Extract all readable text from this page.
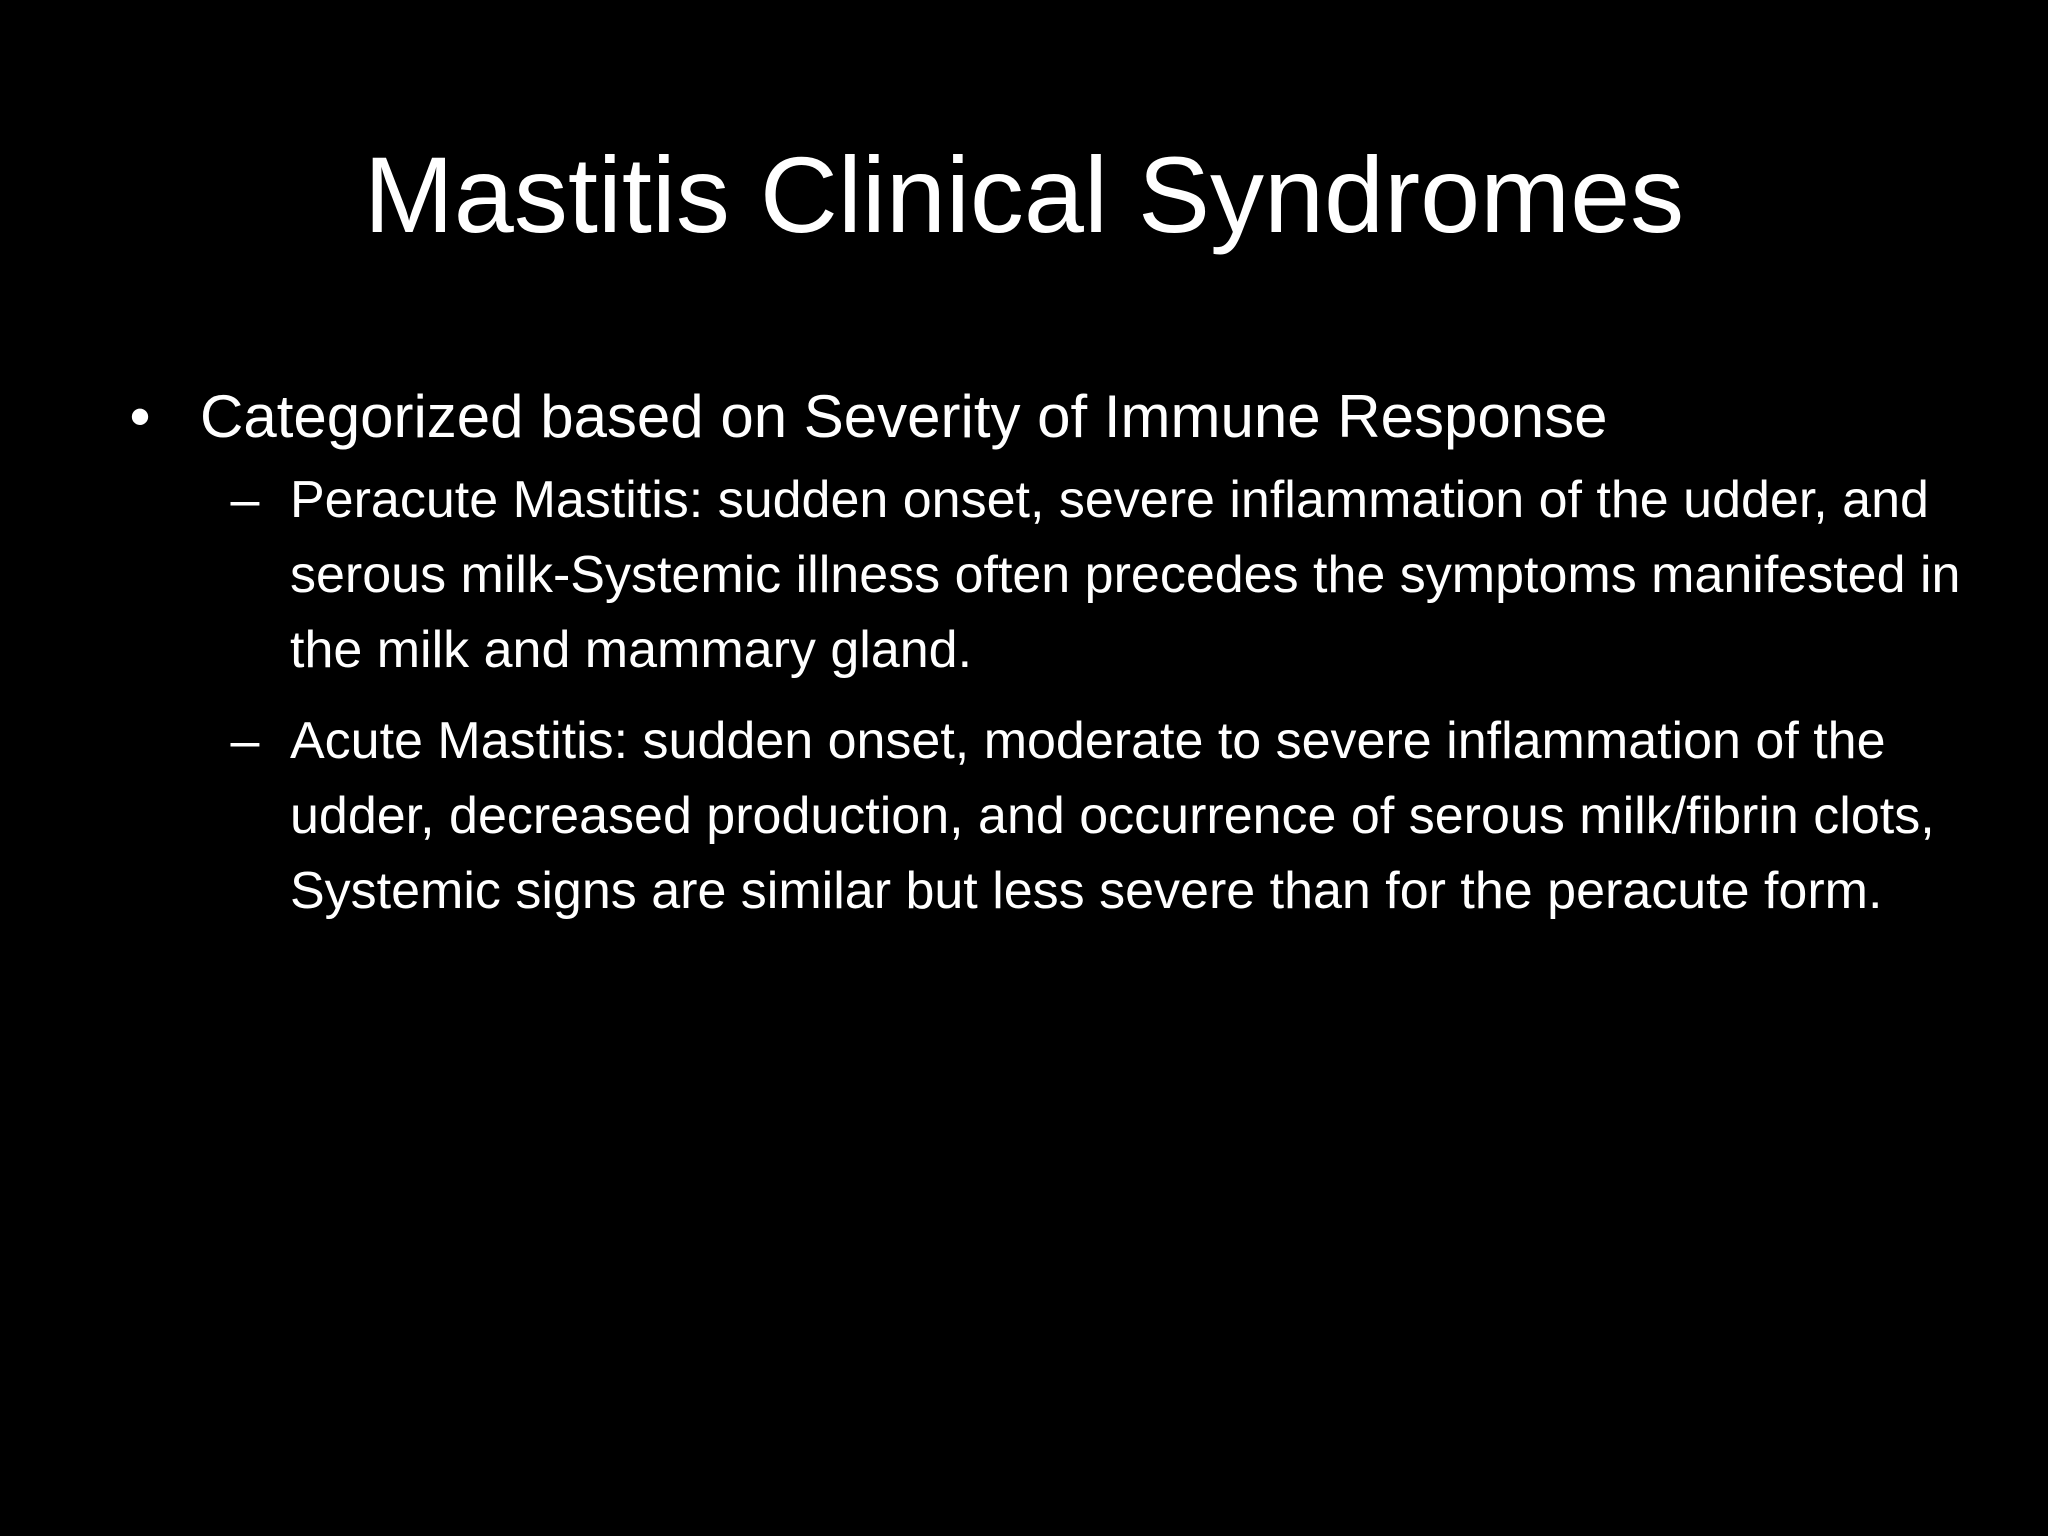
Mastitis Clinical Syndromes
• Categorized based on Severity of Immune Response
– Peracute Mastitis: sudden onset, severe inflammation of the udder, and serous milk-Systemic illness often precedes the symptoms manifested in the milk and mammary gland.
– Acute Mastitis: sudden onset, moderate to severe inflammation of the udder, decreased production, and occurrence of serous milk/fibrin clots, Systemic signs are similar but less severe than for the peracute form.
